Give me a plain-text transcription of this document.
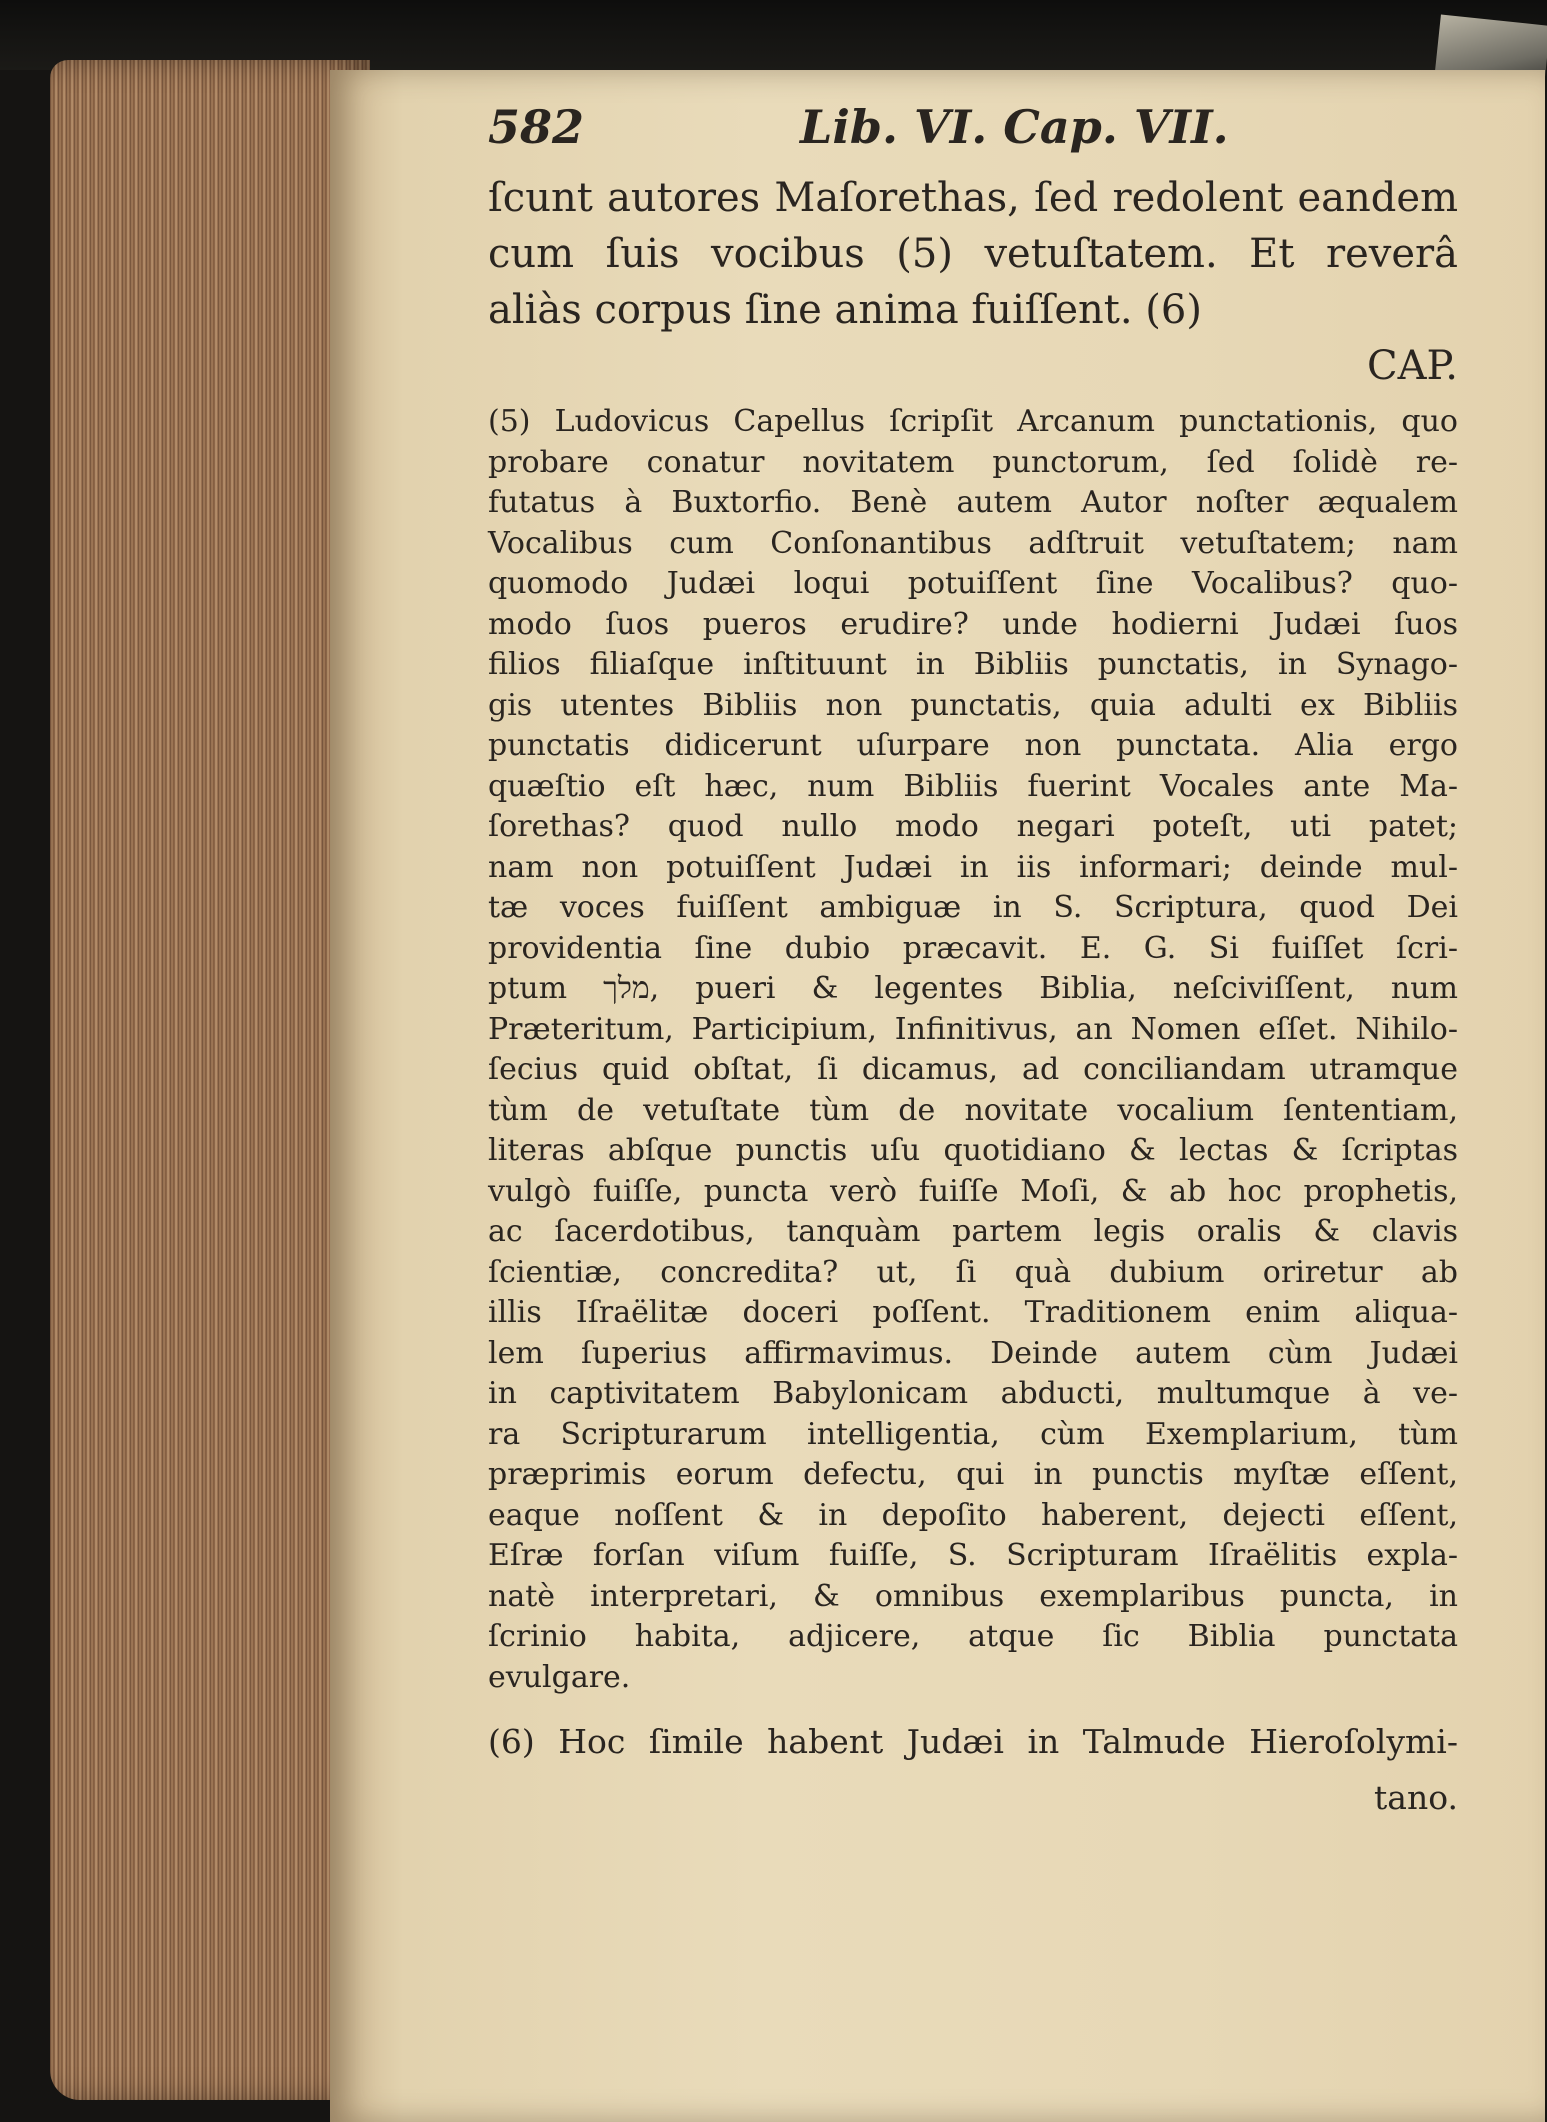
582	Lib. VI. Cap. VII.
ſcunt autores Maſorethas, ſed redolent eandem
cum ſuis vocibus (5) vetuſtatem. Et reverâ
aliàs corpus ſine anima fuiſſent. (6)
CAP.
(5) Ludovicus Capellus ſcripſit Arcanum punctationis, quo
probare conatur novitatem punctorum, ſed ſolidè re-
futatus à Buxtorfio. Benè autem Autor noſter æqualem
Vocalibus cum Conſonantibus adſtruit vetuſtatem; nam
quomodo Judæi loqui potuiſſent ſine Vocalibus? quo-
modo ſuos pueros erudire? unde hodierni Judæi ſuos
filios filiaſque inſtituunt in Bibliis punctatis, in Synago-
gis utentes Bibliis non punctatis, quia adulti ex Bibliis
punctatis didicerunt uſurpare non punctata. Alia ergo
quæſtio eſt hæc, num Bibliis fuerint Vocales ante Ma-
ſorethas? quod nullo modo negari poteſt, uti patet;
nam non potuiſſent Judæi in iis informari; deinde mul-
tæ voces fuiſſent ambiguæ in S. Scriptura, quod Dei
providentia ſine dubio præcavit. E. G. Si fuiſſet ſcri-
ptum מלך, pueri & legentes Biblia, neſciviſſent, num
Præteritum, Participium, Infinitivus, an Nomen eſſet. Nihilo-
ſecius quid obſtat, ſi dicamus, ad conciliandam utramque
tùm de vetuſtate tùm de novitate vocalium ſententiam,
literas abſque punctis uſu quotidiano & lectas & ſcriptas
vulgò fuiſſe, puncta verò fuiſſe Moſi, & ab hoc prophetis,
ac ſacerdotibus, tanquàm partem legis oralis & clavis
ſcientiæ, concredita? ut, ſi quà dubium oriretur ab
illis Iſraëlitæ doceri poſſent. Traditionem enim aliqua-
lem ſuperius affirmavimus. Deinde autem cùm Judæi
in captivitatem Babylonicam abducti, multumque à ve-
ra Scripturarum intelligentia, cùm Exemplarium, tùm
præprimis eorum defectu, qui in punctis myſtæ eſſent,
eaque noſſent & in depoſito haberent, dejecti eſſent,
Eſræ forſan viſum fuiſſe, S. Scripturam Iſraëlitis expla-
natè interpretari, & omnibus exemplaribus puncta, in
ſcrinio habita, adjicere, atque ſic Biblia punctata
evulgare.
(6) Hoc ſimile habent Judæi in Talmude Hieroſolymi-
tano.
